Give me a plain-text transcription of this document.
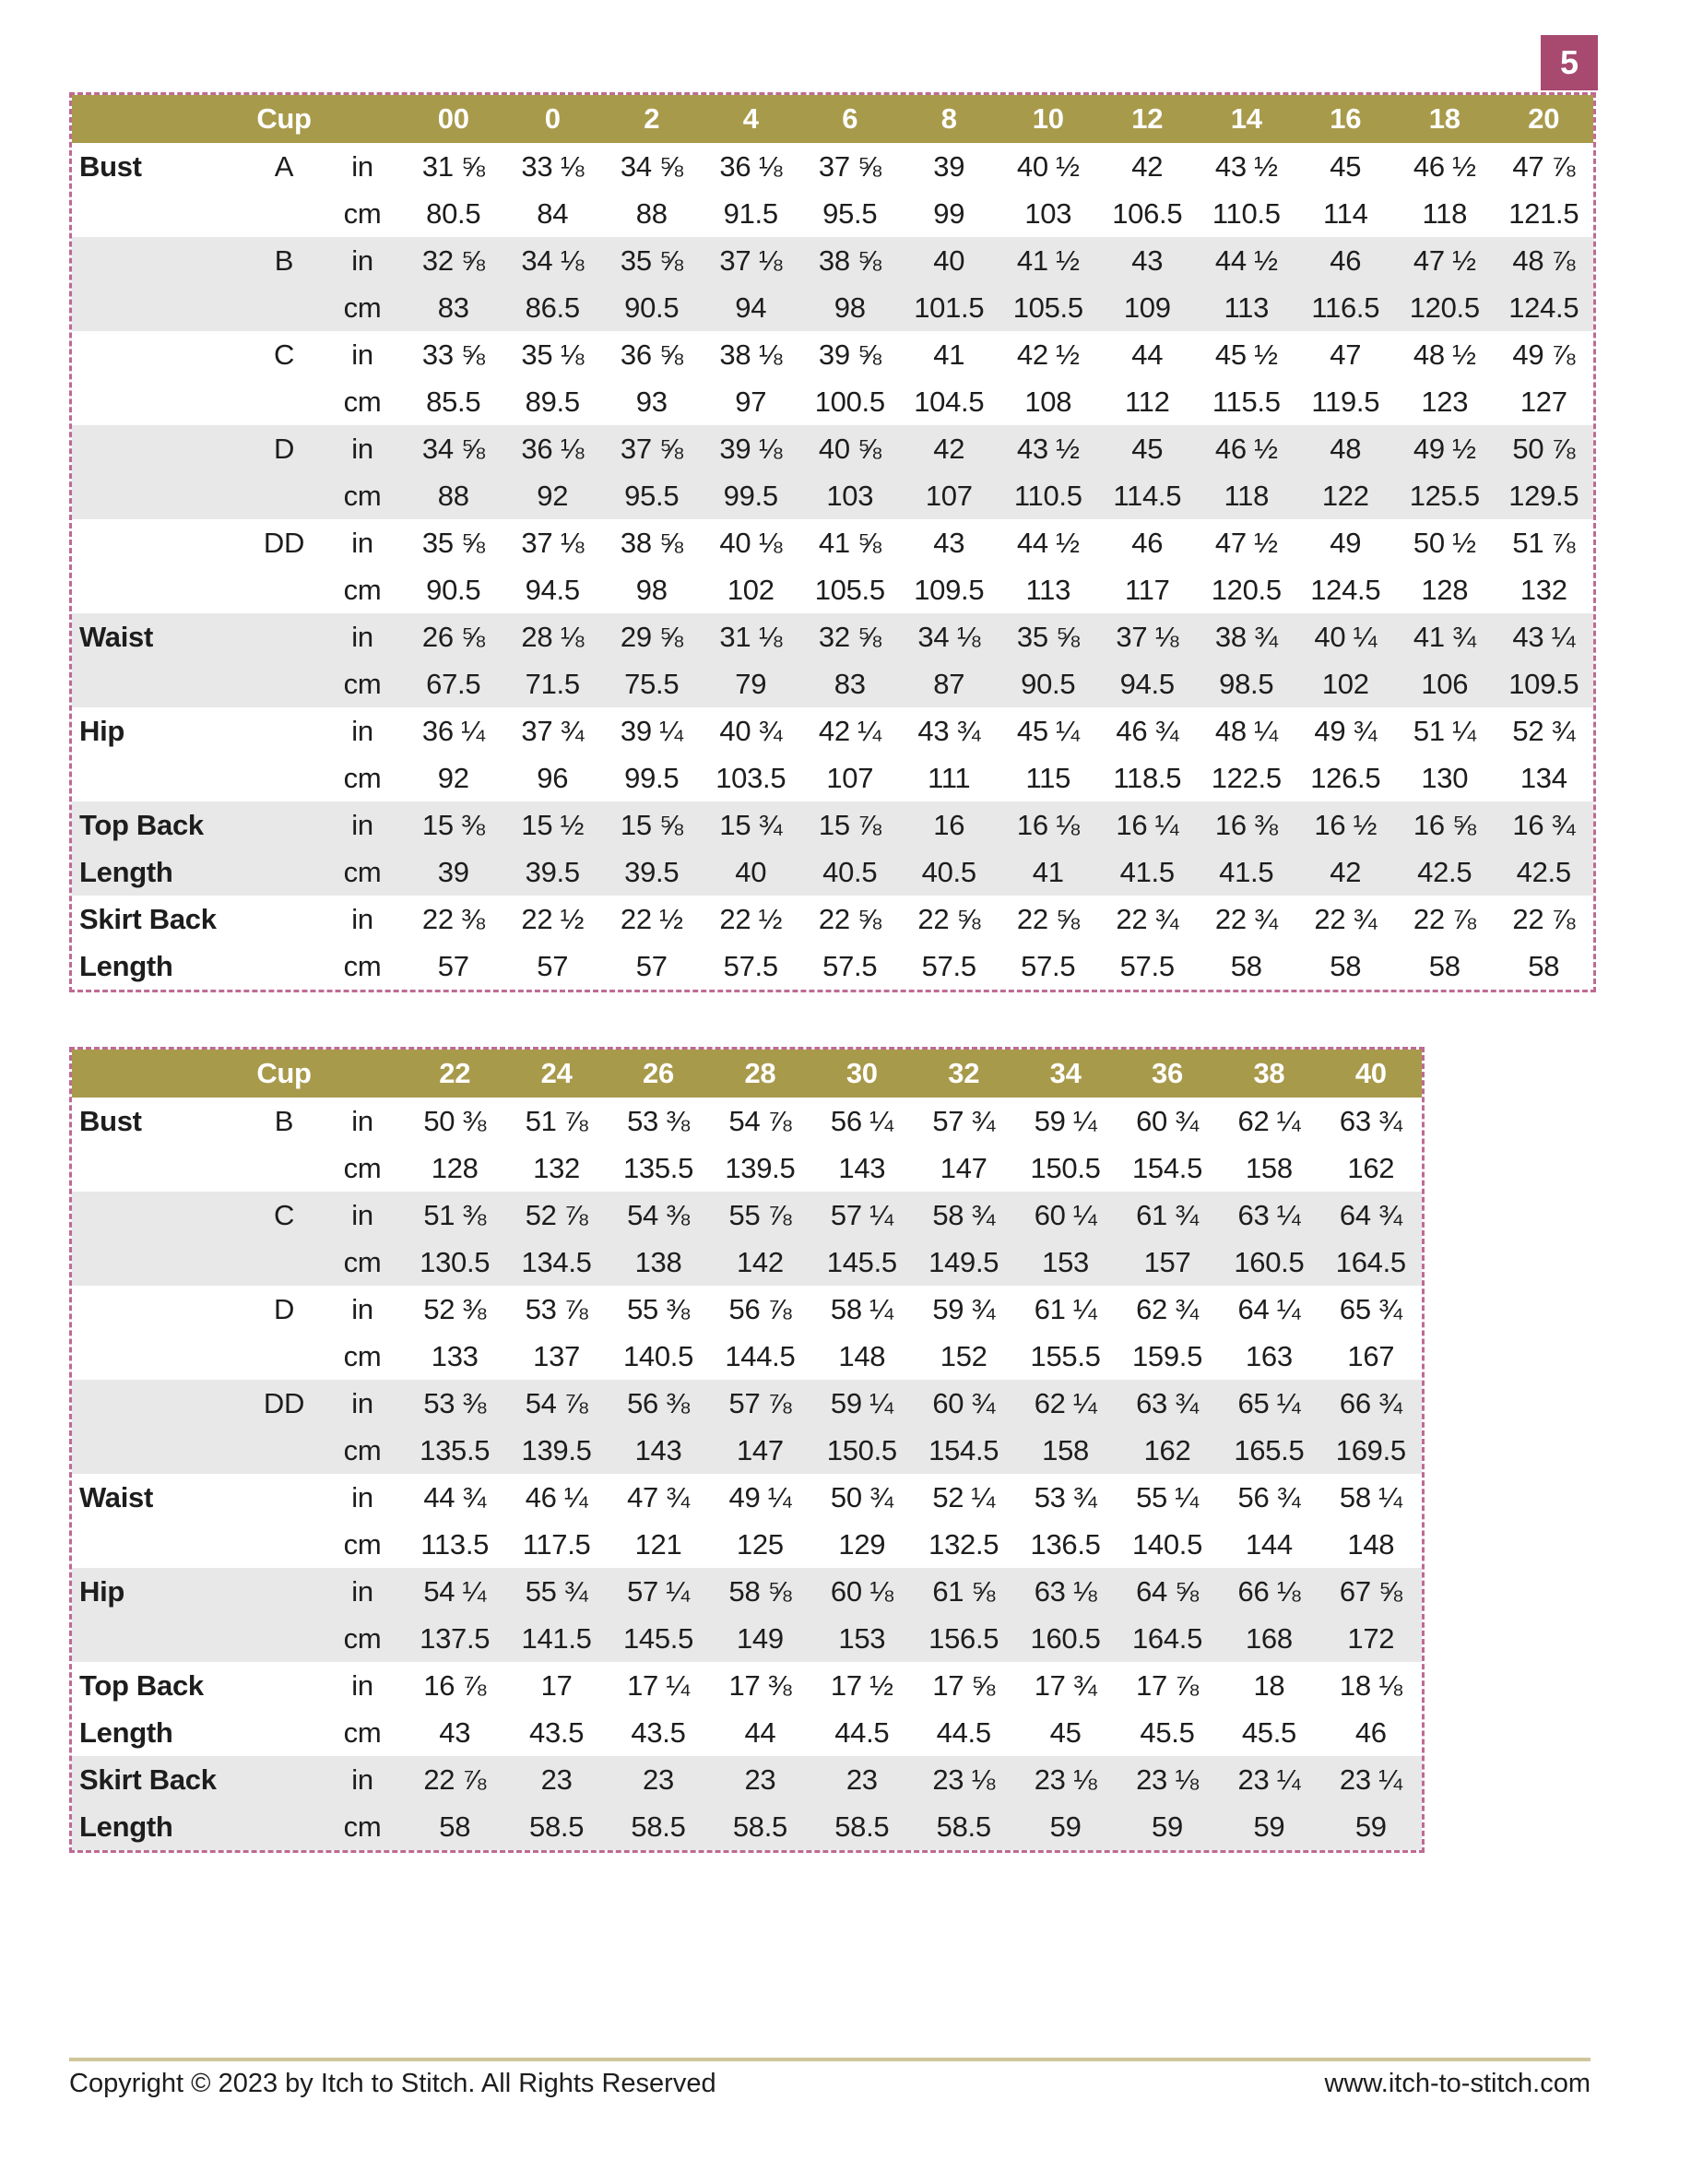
5
Cup	00	0	2	4	6	8	10	12	14	16	18	20
Bust	A	in	31 ⅝	33 ⅛	34 ⅝	36 ⅛	37 ⅝	39	40 ½	42	43 ½	45	46 ½	47 ⅞
cm	80.5	84	88	91.5	95.5	99	103	106.5	110.5	114	118	121.5
B	in	32 ⅝	34 ⅛	35 ⅝	37 ⅛	38 ⅝	40	41 ½	43	44 ½	46	47 ½	48 ⅞
cm	83	86.5	90.5	94	98	101.5	105.5	109	113	116.5	120.5	124.5
C	in	33 ⅝	35 ⅛	36 ⅝	38 ⅛	39 ⅝	41	42 ½	44	45 ½	47	48 ½	49 ⅞
cm	85.5	89.5	93	97	100.5	104.5	108	112	115.5	119.5	123	127
D	in	34 ⅝	36 ⅛	37 ⅝	39 ⅛	40 ⅝	42	43 ½	45	46 ½	48	49 ½	50 ⅞
cm	88	92	95.5	99.5	103	107	110.5	114.5	118	122	125.5	129.5
DD	in	35 ⅝	37 ⅛	38 ⅝	40 ⅛	41 ⅝	43	44 ½	46	47 ½	49	50 ½	51 ⅞
cm	90.5	94.5	98	102	105.5	109.5	113	117	120.5	124.5	128	132
Waist	in	26 ⅝	28 ⅛	29 ⅝	31 ⅛	32 ⅝	34 ⅛	35 ⅝	37 ⅛	38 ¾	40 ¼	41 ¾	43 ¼
cm	67.5	71.5	75.5	79	83	87	90.5	94.5	98.5	102	106	109.5
Hip	in	36 ¼	37 ¾	39 ¼	40 ¾	42 ¼	43 ¾	45 ¼	46 ¾	48 ¼	49 ¾	51 ¼	52 ¾
cm	92	96	99.5	103.5	107	111	115	118.5	122.5	126.5	130	134
Top Back	in	15 ⅜	15 ½	15 ⅝	15 ¾	15 ⅞	16	16 ⅛	16 ¼	16 ⅜	16 ½	16 ⅝	16 ¾
Length	cm	39	39.5	39.5	40	40.5	40.5	41	41.5	41.5	42	42.5	42.5
Skirt Back	in	22 ⅜	22 ½	22 ½	22 ½	22 ⅝	22 ⅝	22 ⅝	22 ¾	22 ¾	22 ¾	22 ⅞	22 ⅞
Length	cm	57	57	57	57.5	57.5	57.5	57.5	57.5	58	58	58	58
Cup	22	24	26	28	30	32	34	36	38	40
Bust	B	in	50 ⅜	51 ⅞	53 ⅜	54 ⅞	56 ¼	57 ¾	59 ¼	60 ¾	62 ¼	63 ¾
cm	128	132	135.5	139.5	143	147	150.5	154.5	158	162
C	in	51 ⅜	52 ⅞	54 ⅜	55 ⅞	57 ¼	58 ¾	60 ¼	61 ¾	63 ¼	64 ¾
cm	130.5	134.5	138	142	145.5	149.5	153	157	160.5	164.5
D	in	52 ⅜	53 ⅞	55 ⅜	56 ⅞	58 ¼	59 ¾	61 ¼	62 ¾	64 ¼	65 ¾
cm	133	137	140.5	144.5	148	152	155.5	159.5	163	167
DD	in	53 ⅜	54 ⅞	56 ⅜	57 ⅞	59 ¼	60 ¾	62 ¼	63 ¾	65 ¼	66 ¾
cm	135.5	139.5	143	147	150.5	154.5	158	162	165.5	169.5
Waist	in	44 ¾	46 ¼	47 ¾	49 ¼	50 ¾	52 ¼	53 ¾	55 ¼	56 ¾	58 ¼
cm	113.5	117.5	121	125	129	132.5	136.5	140.5	144	148
Hip	in	54 ¼	55 ¾	57 ¼	58 ⅝	60 ⅛	61 ⅝	63 ⅛	64 ⅝	66 ⅛	67 ⅝
cm	137.5	141.5	145.5	149	153	156.5	160.5	164.5	168	172
Top Back	in	16 ⅞	17	17 ¼	17 ⅜	17 ½	17 ⅝	17 ¾	17 ⅞	18	18 ⅛
Length	cm	43	43.5	43.5	44	44.5	44.5	45	45.5	45.5	46
Skirt Back	in	22 ⅞	23	23	23	23	23 ⅛	23 ⅛	23 ⅛	23 ¼	23 ¼
Length	cm	58	58.5	58.5	58.5	58.5	58.5	59	59	59	59
Copyright © 2023 by Itch to Stitch. All Rights Reserved	www.itch-to-stitch.com
